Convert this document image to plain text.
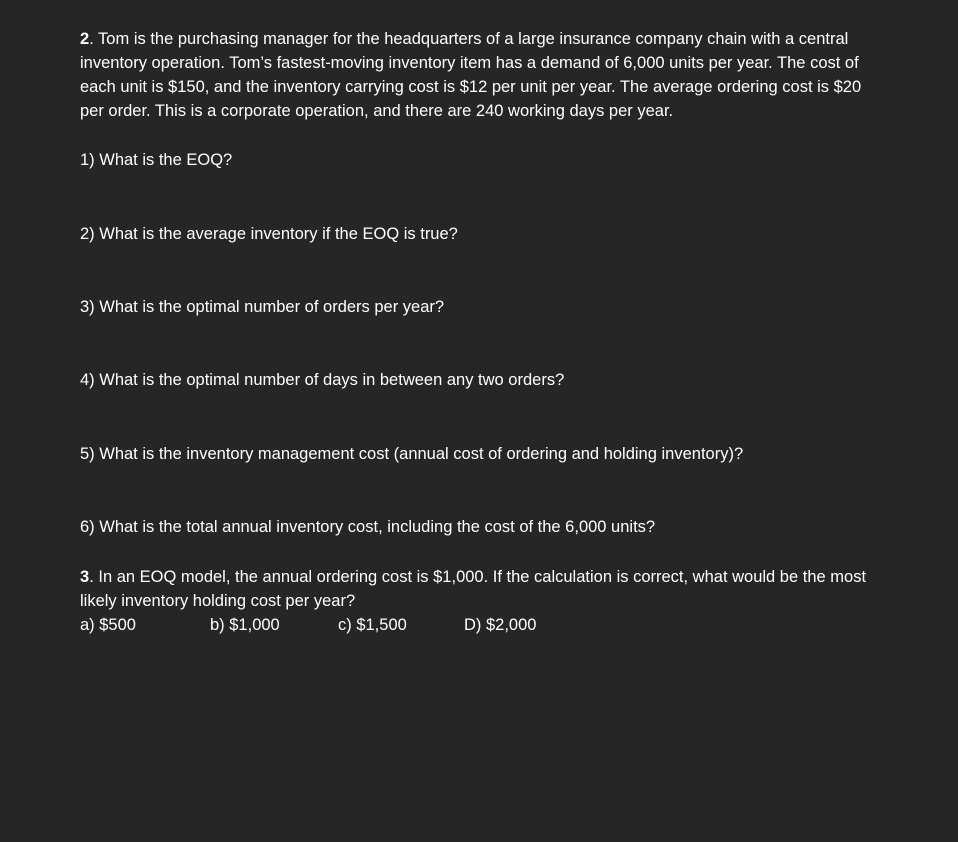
2. Tom is the purchasing manager for the headquarters of a large insurance company chain with a central inventory operation. Tom’s fastest-moving inventory item has a demand of 6,000 units per year. The cost of each unit is $150, and the inventory carrying cost is $12 per unit per year. The average ordering cost is $20 per order. This is a corporate operation, and there are 240 working days per year.

1) What is the EOQ?

2) What is the average inventory if the EOQ is true?

3) What is the optimal number of orders per year?

4) What is the optimal number of days in between any two orders?

5) What is the inventory management cost (annual cost of ordering and holding inventory)?

6) What is the total annual inventory cost, including the cost of the 6,000 units?

3. In an EOQ model, the annual ordering cost is $1,000. If the calculation is correct, what would be the most likely inventory holding cost per year?

a) $500	b) $1,000	c) $1,500	D) $2,000
